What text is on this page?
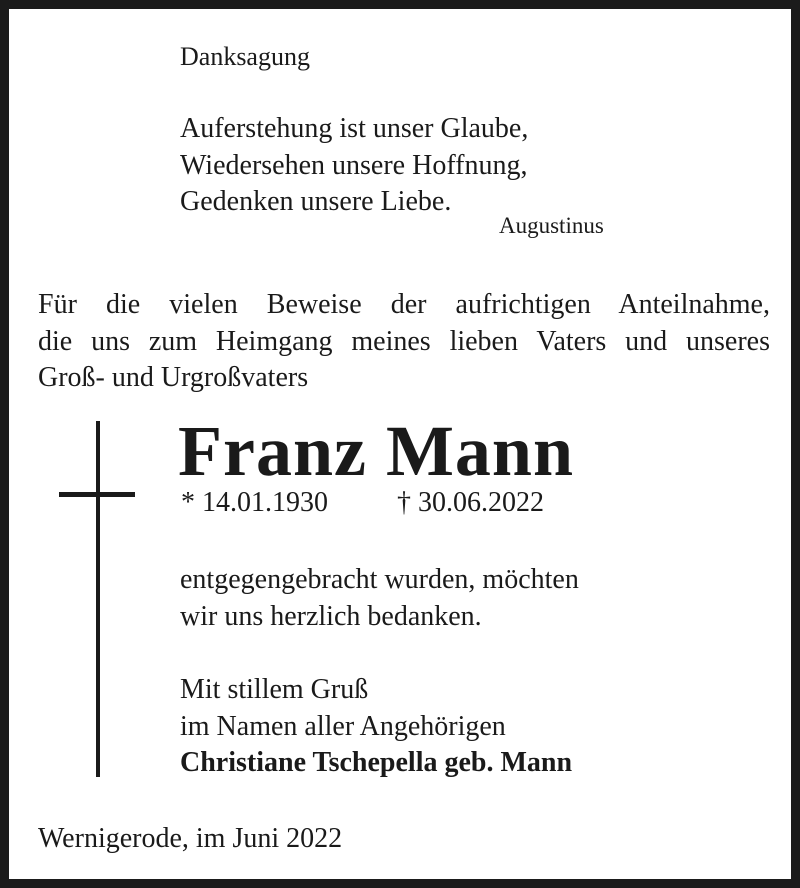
Danksagung
Auferstehung ist unser Glaube,
Wiedersehen unsere Hoffnung,
Gedenken unsere Liebe.
Augustinus
Für die vielen Beweise der aufrichtigen Anteilnahme,
die uns zum Heimgang meines lieben Vaters und unseres
Groß- und Urgroßvaters
Franz Mann
* 14.01.1930 † 30.06.2022
entgegengebracht wurden, möchten
wir uns herzlich bedanken.
Mit stillem Gruß
im Namen aller Angehörigen
Christiane Tschepella geb. Mann
Wernigerode, im Juni 2022
